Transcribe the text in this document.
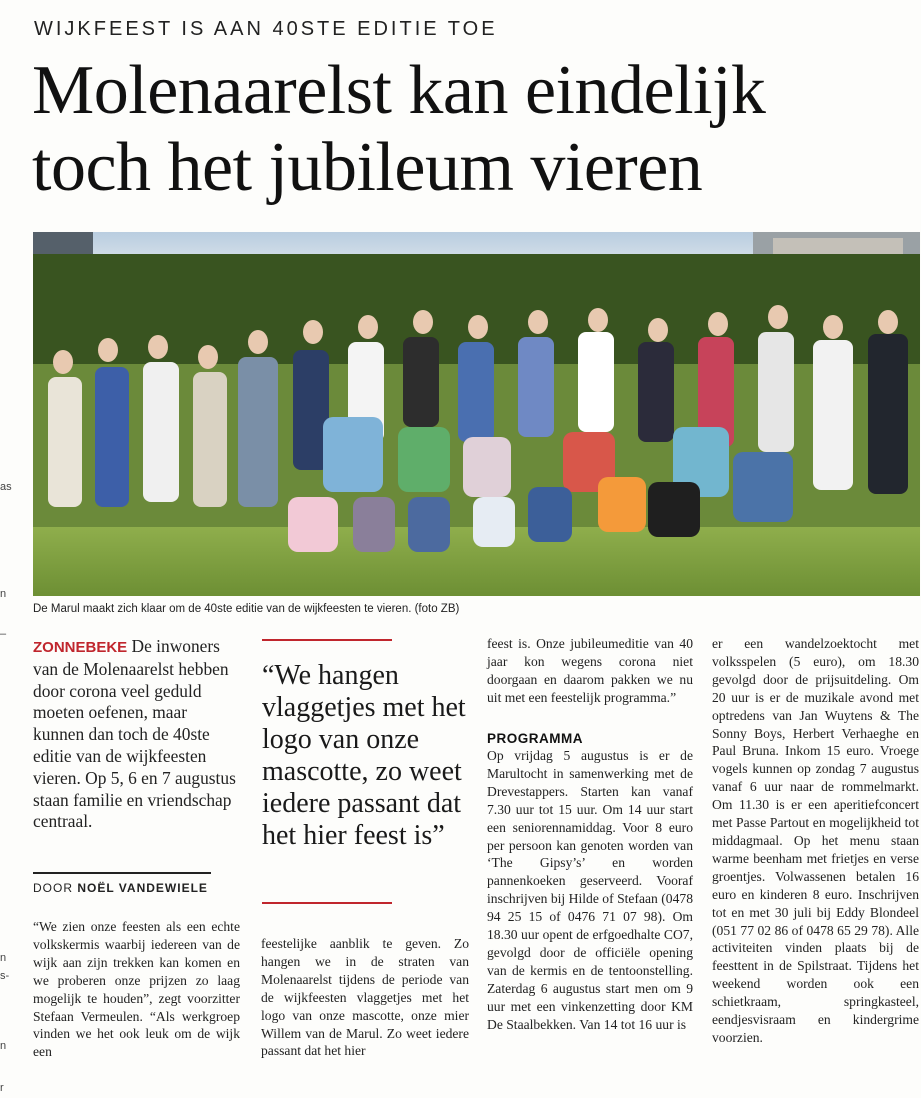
WIJKFEEST IS AAN 40STE EDITIE TOE
Molenaarelst kan eindelijk
toch het jubileum vieren
De Marul maakt zich klaar om de 40ste editie van de wijkfeesten te vieren. (foto ZB)
ZONNEBEKE De inwoners van de Molenaarelst hebben door corona veel geduld moeten oefenen, maar kunnen dan toch de 40ste editie van de wijkfeesten vieren. Op 5, 6 en 7 augustus staan familie en vriendschap centraal.
DOOR NOËL VANDEWIELE
“We hangen vlaggetjes met het logo van onze mascotte, zo weet iedere passant dat het hier feest is”
“We zien onze feesten als een echte volkskermis waarbij iedereen van de wijk aan zijn trekken kan komen en we proberen onze prijzen zo laag mogelijk te houden”, zegt voorzitter Stefaan Vermeulen. “Als werkgroep vinden we het ook leuk om de wijk een
feestelijke aanblik te geven. Zo hangen we in de straten van Molenaarelst tijdens de periode van de wijkfeesten vlaggetjes met het logo van onze mascotte, onze mier Willem van de Marul. Zo weet iedere passant dat het hier
feest is. Onze jubileumeditie van 40 jaar kon wegens corona niet doorgaan en daarom pakken we nu uit met een feestelijk programma.”
PROGRAMMA
Op vrijdag 5 augustus is er de Marultocht in samenwerking met de Drevestappers. Starten kan vanaf 7.30 uur tot 15 uur. Om 14 uur start een seniorennamiddag. Voor 8 euro per persoon kan genoten worden van ‘The Gipsy’s’ en worden pannenkoeken geserveerd. Vooraf inschrijven bij Hilde of Stefaan (0478 94 25 15 of 0476 71 07 98). Om 18.30 uur opent de erfgoedhalte CO7, gevolgd door de officiële opening van de kermis en de tentoonstelling. Zaterdag 6 augustus start men om 9 uur met een vinkenzetting door KM De Staalbekken. Van 14 tot 16 uur is
er een wandelzoektocht met volksspelen (5 euro), om 18.30 gevolgd door de prijsuitdeling. Om 20 uur is er de muzikale avond met optredens van Jan Wuytens & The Sonny Boys, Herbert Verhaeghe en Paul Bruna. Inkom 15 euro. Vroege vogels kunnen op zondag 7 augustus vanaf 6 uur naar de rommelmarkt. Om 11.30 is er een aperitiefconcert met Passe Partout en mogelijkheid tot middagmaal. Op het menu staan warme beenham met frietjes en verse groentjes. Volwassenen betalen 16 euro en kinderen 8 euro. Inschrijven tot en met 30 juli bij Eddy Blondeel (051 77 02 86 of 0478 65 29 78). Alle activiteiten vinden plaats bij de feesttent in de Spilstraat. Tijdens het weekend worden ook een schietkraam, springkasteel, eendjesvisraam en kindergrime voorzien.
as
n
–
n
s-
n
r
